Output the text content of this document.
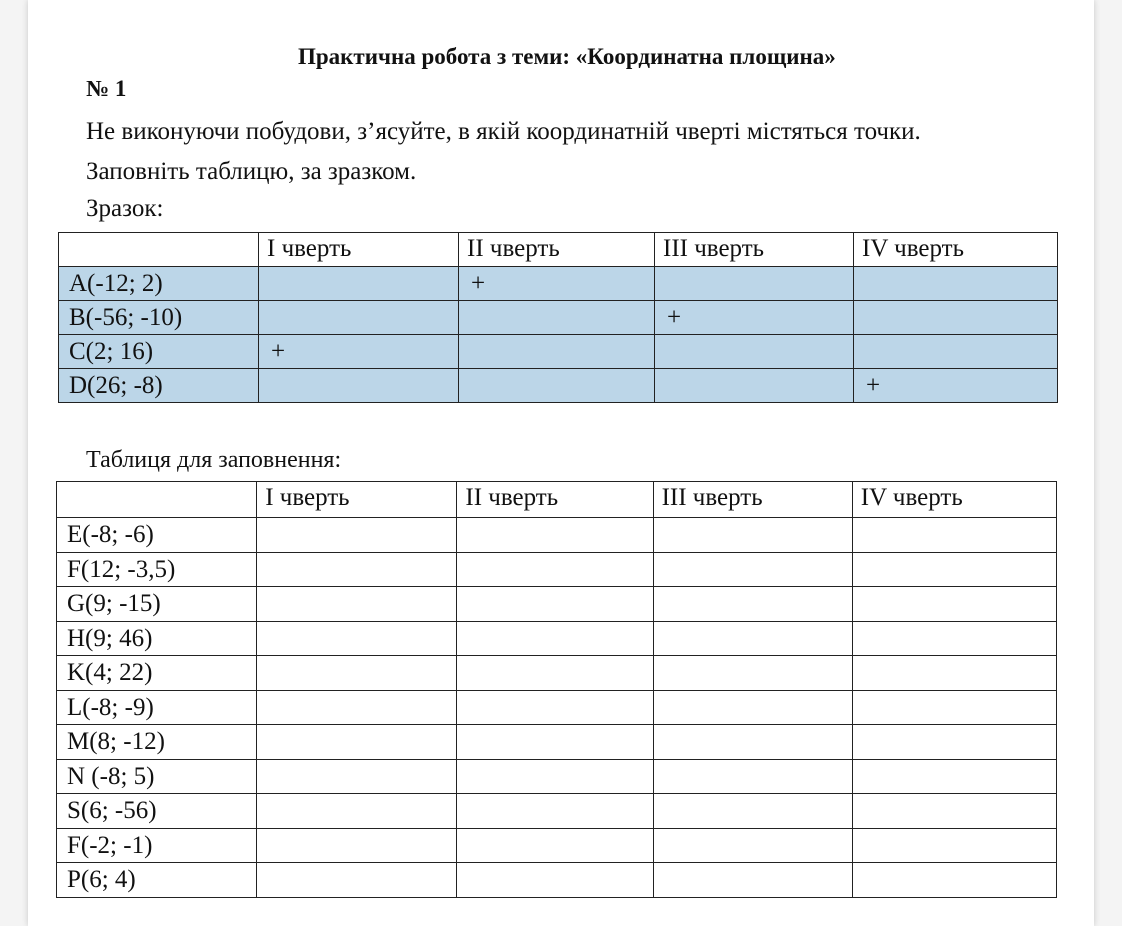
Практична робота з теми: «Координатна площина»
№ 1
Не виконуючи побудови, з’ясуйте, в якій координатній чверті містяться точки.
Заповніть таблицю, за зразком.
Зразок:
Таблиця для заповнення:
	I чверть	II чверть	III чверть	IV чверть
A(-12; 2)		+		
B(-56; -10)			+	
C(2; 16)	+			
D(26; -8)				+
	I чверть	II чверть	III чверть	IV чверть
E(-8; -6)				
F(12; -3,5)				
G(9; -15)				
H(9; 46)				
K(4; 22)				
L(-8; -9)				
M(8; -12)				
N (-8; 5)				
S(6; -56)				
F(-2; -1)				
P(6; 4)				
